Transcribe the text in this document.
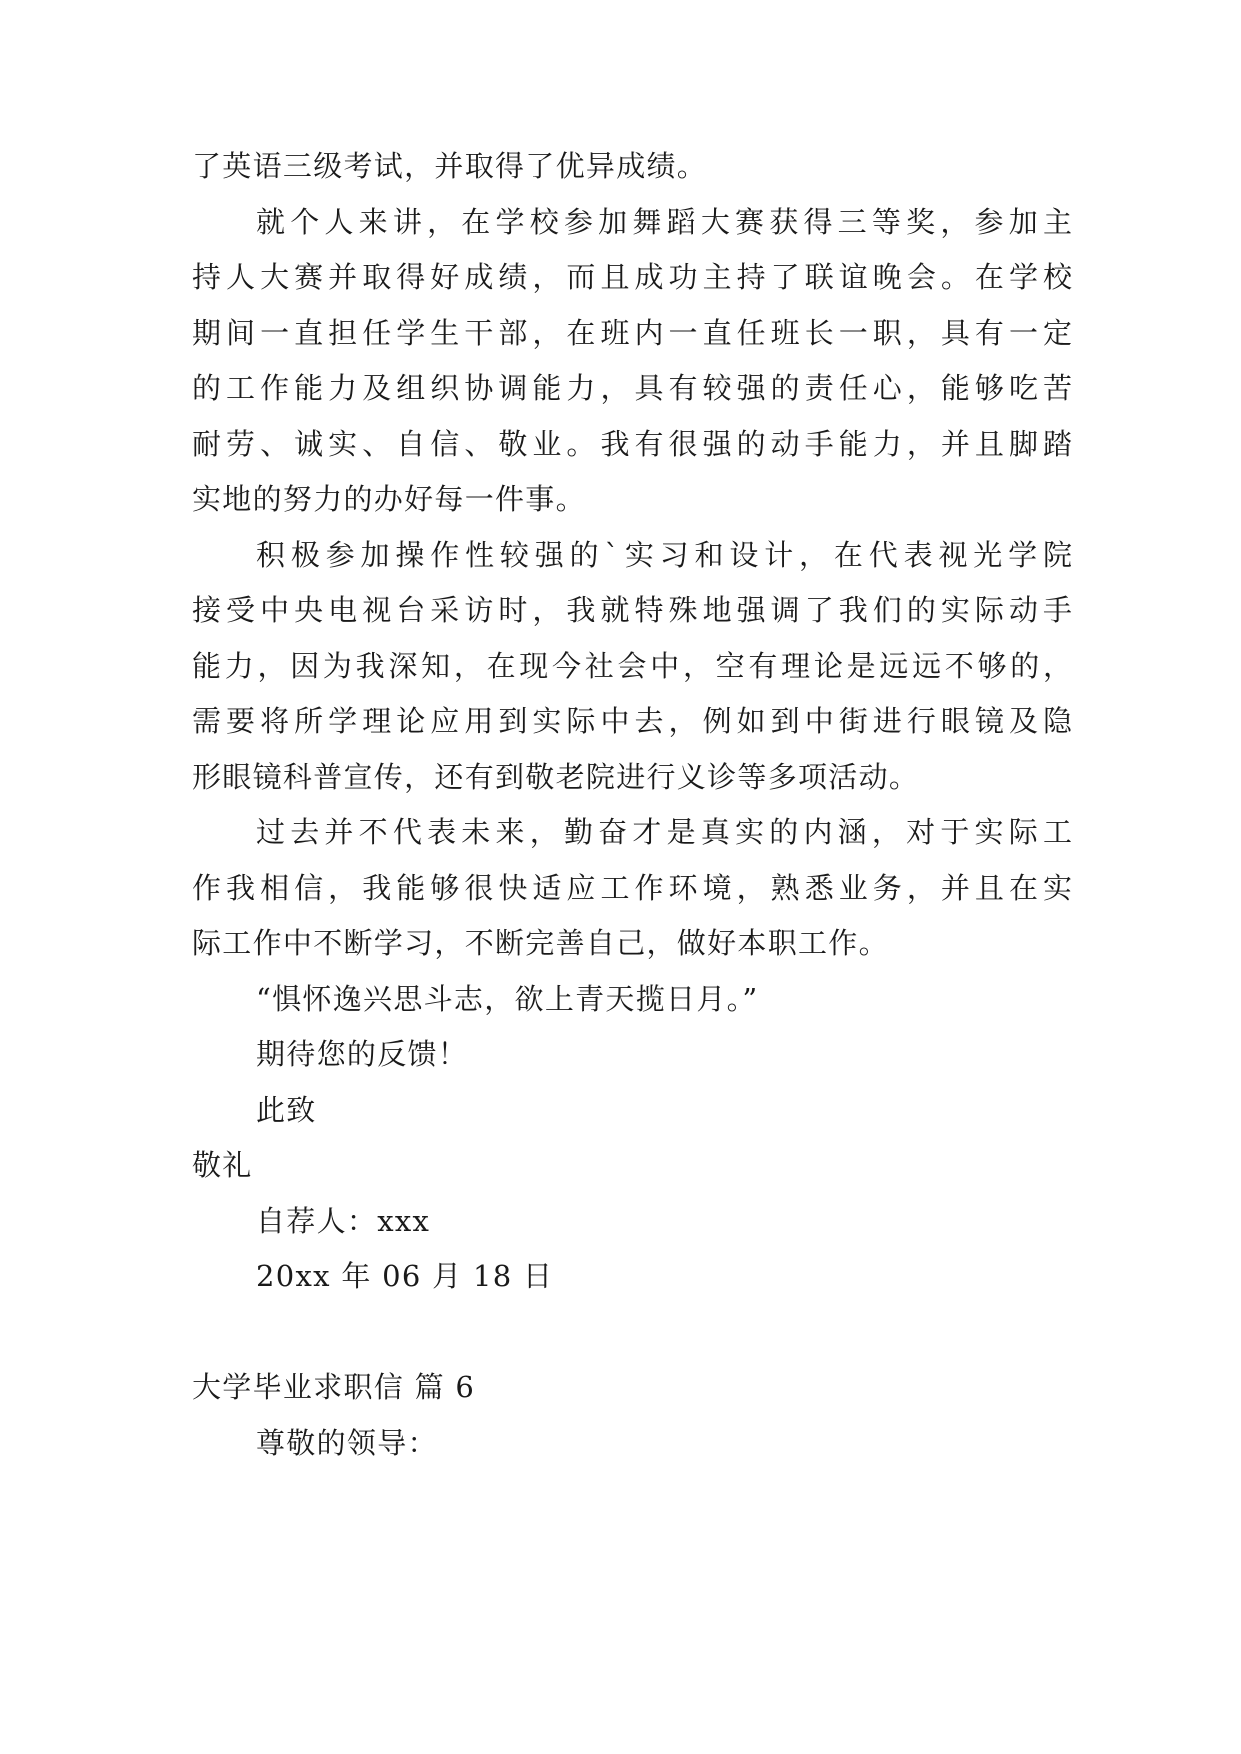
了英语三级考试，并取得了优异成绩。
就个人来讲，在学校参加舞蹈大赛获得三等奖，参加主
持人大赛并取得好成绩，而且成功主持了联谊晚会。在学校
期间一直担任学生干部，在班内一直任班长一职，具有一定
的工作能力及组织协调能力，具有较强的责任心，能够吃苦
耐劳、诚实、自信、敬业。我有很强的动手能力，并且脚踏
实地的努力的办好每一件事。
积极参加操作性较强的`实习和设计，在代表视光学院
接受中央电视台采访时，我就特殊地强调了我们的实际动手
能力，因为我深知，在现今社会中，空有理论是远远不够的，
需要将所学理论应用到实际中去，例如到中街进行眼镜及隐
形眼镜科普宣传，还有到敬老院进行义诊等多项活动。
过去并不代表未来，勤奋才是真实的内涵，对于实际工
作我相信，我能够很快适应工作环境，熟悉业务，并且在实
际工作中不断学习，不断完善自己，做好本职工作。
“惧怀逸兴思斗志，欲上青天揽日月。”
期待您的反馈！
此致
敬礼
自荐人：xxx
20xx 年 06 月 18 日
大学毕业求职信 篇 6
尊敬的领导：
